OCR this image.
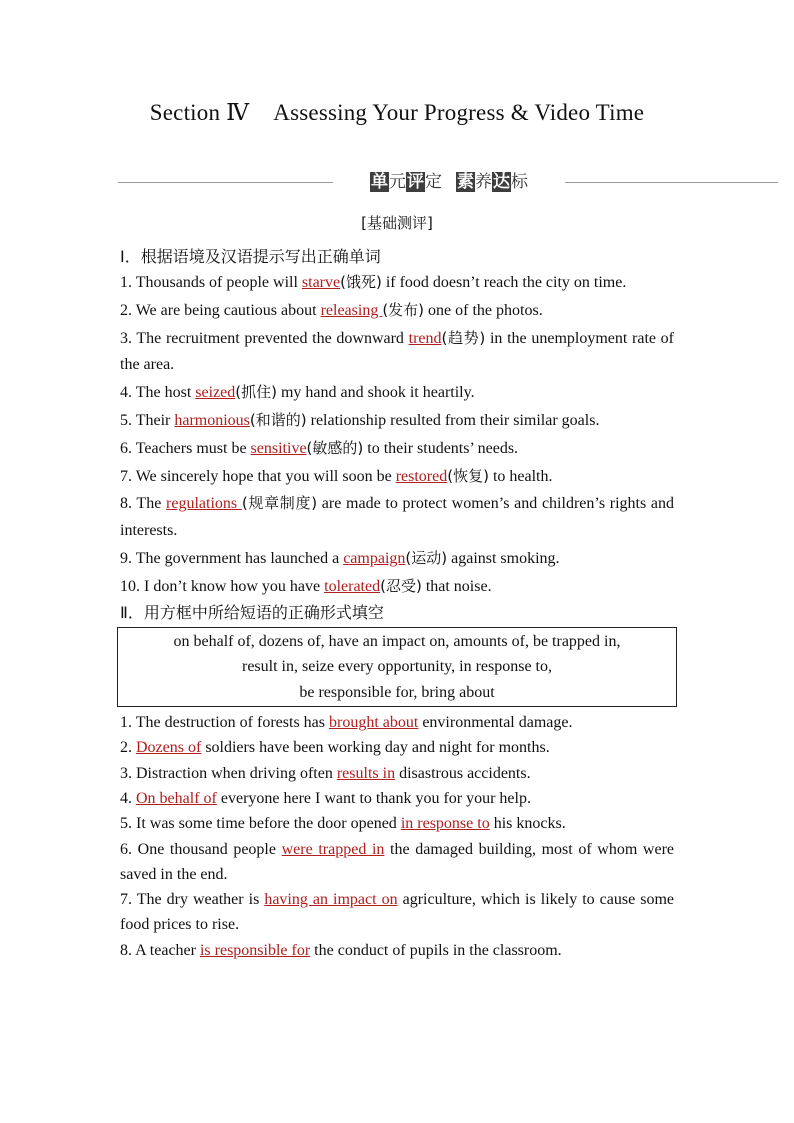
Section Ⅳ Assessing Your Progress & Video Time
单元评定 素养达标
[基础测评]

Ⅰ．根据语境及汉语提示写出正确单词

1. Thousands of people will starve(饿死) if food doesn’t reach the city on time.

2. We are being cautious about releasing (发布) one of the photos.

3. The recruitment prevented the downward trend(趋势) in the unemployment rate of the area.

4. The host seized(抓住) my hand and shook it heartily.

5. Their harmonious(和谐的) relationship resulted from their similar goals.

6. Teachers must be sensitive(敏感的) to their students’ needs.

7. We sincerely hope that you will soon be restored(恢复) to health.

8. The regulations (规章制度) are made to protect women’s and children’s rights and interests.

9. The government has launched a campaign(运动) against smoking.

10. I don’t know how you have tolerated(忍受) that noise.

Ⅱ．用方框中所给短语的正确形式填空

on behalf of, dozens of, have an impact on, amounts of, be trapped in,
result in, seize every opportunity, in response to,
be responsible for, bring about

1. The destruction of forests has brought about environmental damage.

2. Dozens of soldiers have been working day and night for months.

3. Distraction when driving often results in disastrous accidents.

4. On behalf of everyone here I want to thank you for your help.

5. It was some time before the door opened in response to his knocks.

6. One thousand people were trapped in the damaged building, most of whom were saved in the end.

7. The dry weather is having an impact on agriculture, which is likely to cause some food prices to rise.

8. A teacher is responsible for the conduct of pupils in the classroom.
